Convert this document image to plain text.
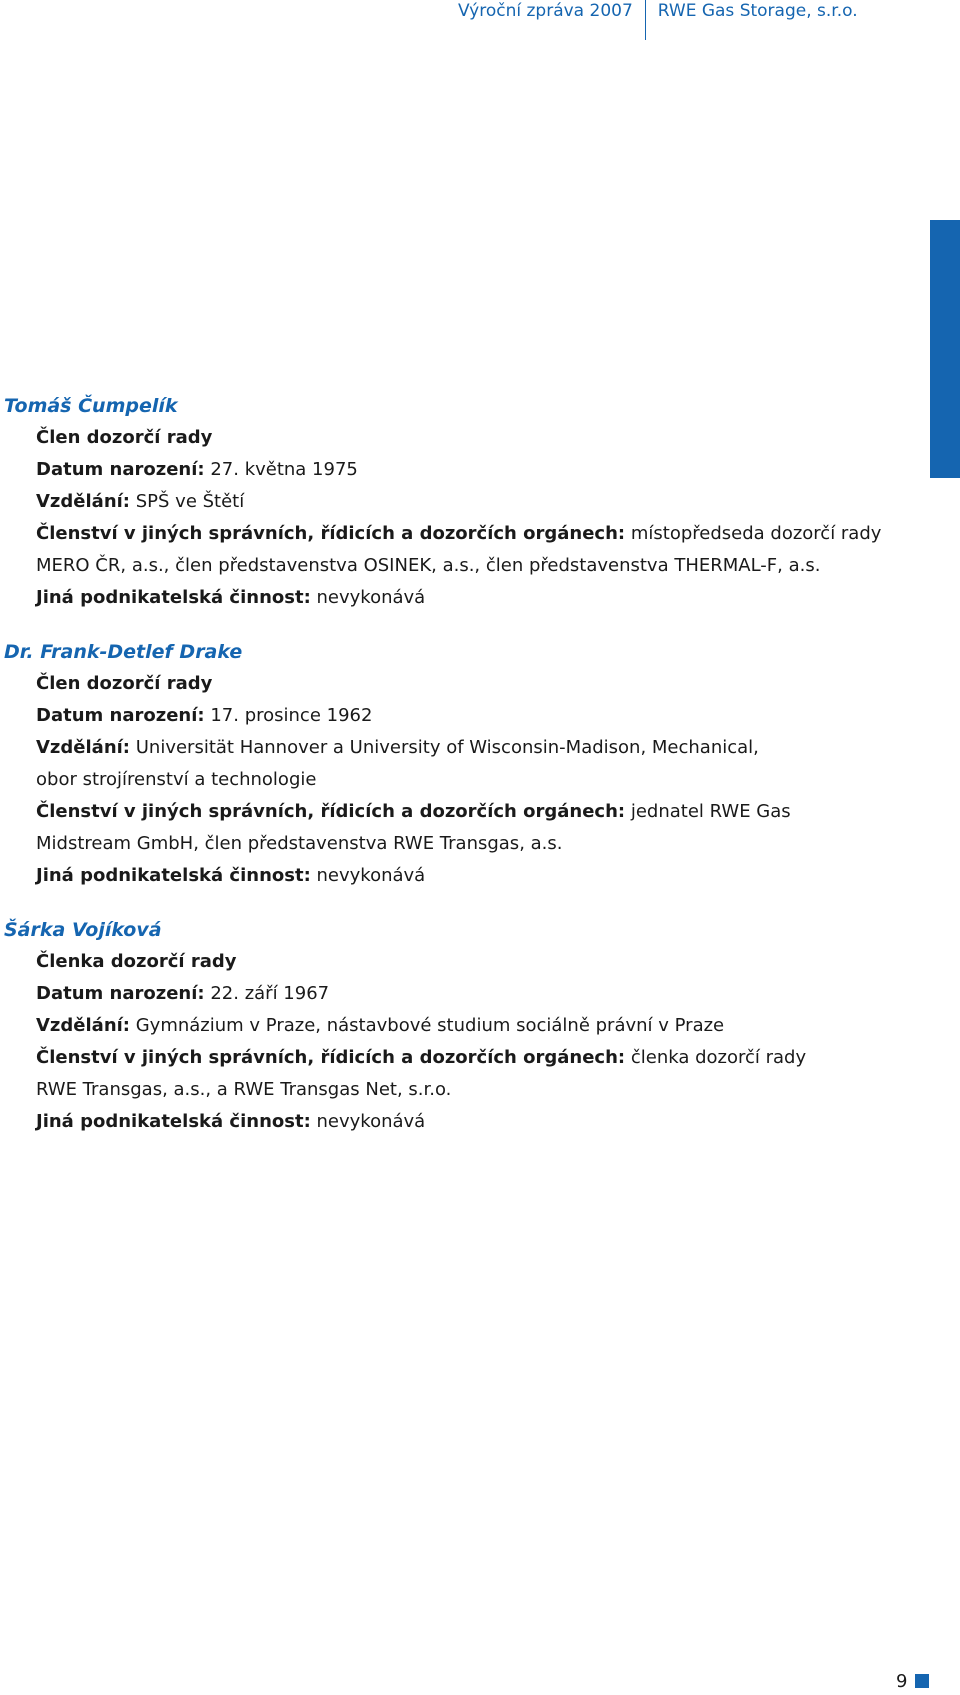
Výroční zpráva 2007	RWE Gas Storage, s.r.o.
Tomáš Čumpelík
Člen dozorčí rady
Datum narození: 27. května 1975
Vzdělání: SPŠ ve Štětí
Členství v jiných správních, řídicích a dozorčích orgánech: místopředseda dozorčí rady
MERO ČR, a.s., člen představenstva OSINEK, a.s., člen představenstva THERMAL-F, a.s.
Jiná podnikatelská činnost: nevykonává
Dr. Frank-Detlef Drake
Člen dozorčí rady
Datum narození: 17. prosince 1962
Vzdělání: Universität Hannover a University of Wisconsin-Madison, Mechanical,
obor strojírenství a technologie
Členství v jiných správních, řídicích a dozorčích orgánech: jednatel RWE Gas
Midstream GmbH, člen představenstva RWE Transgas, a.s.
Jiná podnikatelská činnost: nevykonává
Šárka Vojíková
Členka dozorčí rady
Datum narození: 22. září 1967
Vzdělání: Gymnázium v Praze, nástavbové studium sociálně právní v Praze
Členství v jiných správních, řídicích a dozorčích orgánech: členka dozorčí rady
RWE Transgas, a.s., a RWE Transgas Net, s.r.o.
Jiná podnikatelská činnost: nevykonává
9
